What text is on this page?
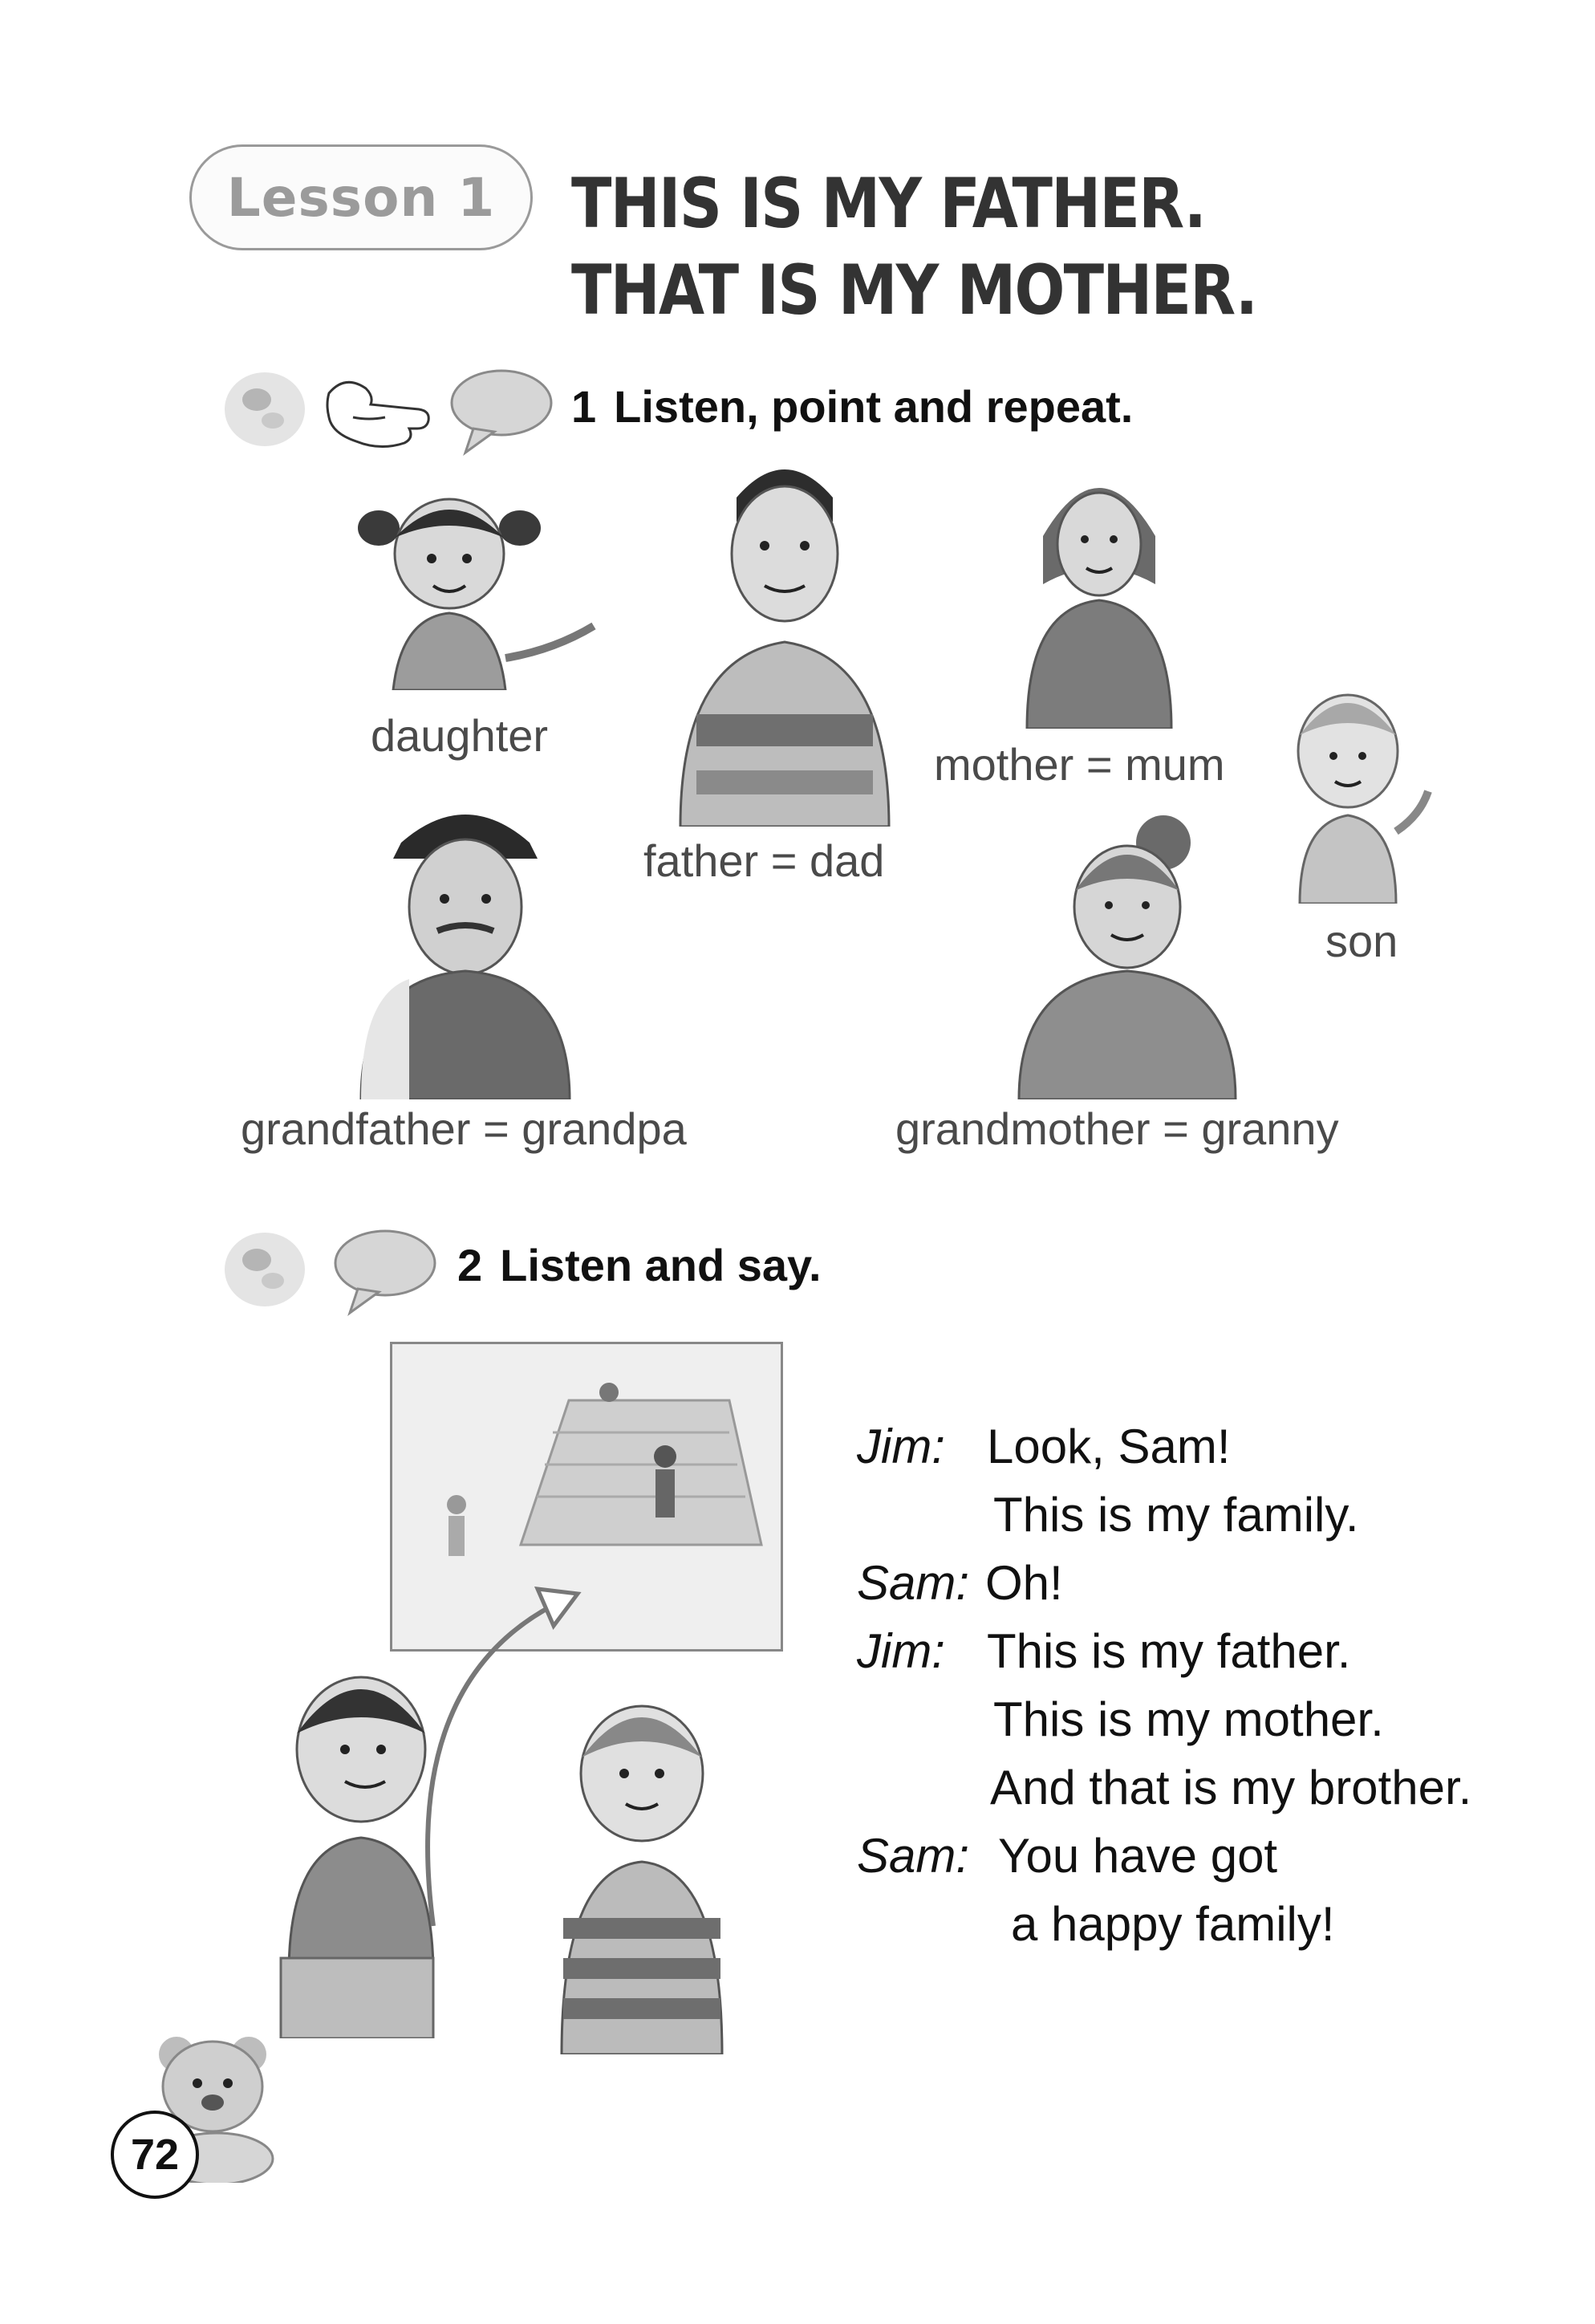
Lesson 1 THIS IS MY FATHER.
THAT IS MY MOTHER.
1 Listen, point and repeat.
daughter
father = dad
mother = mum
son
grandfather = grandpa	grandmother = granny
2 Listen and say.
Jim: Look, Sam!
This is my family.
Sam: Oh!
Jim: This is my father.
This is my mother.
And that is my brother.
Sam: You have got
a happy family!
72
